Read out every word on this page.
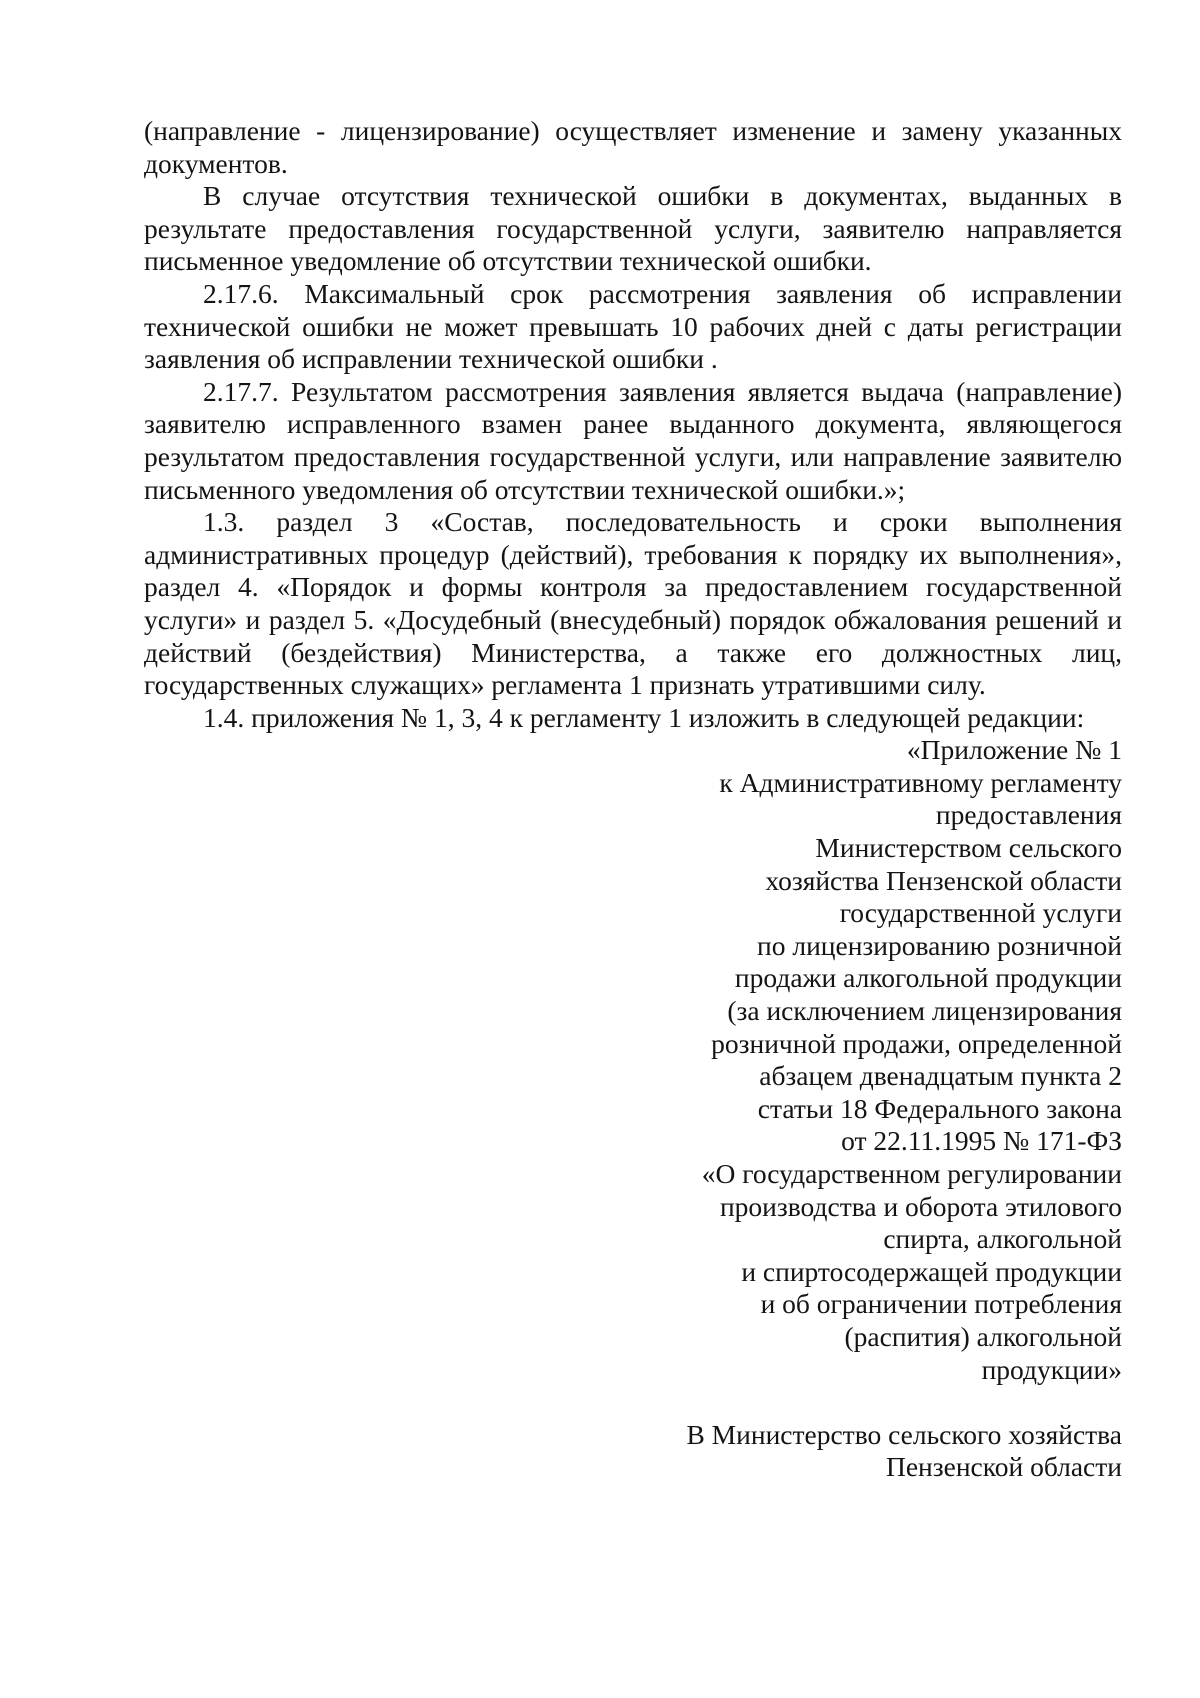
(направление - лицензирование) осуществляет изменение и замену указанных документов.

В случае отсутствия технической ошибки в документах, выданных в результате предоставления государственной услуги, заявителю направляется письменное уведомление об отсутствии технической ошибки.

2.17.6. Максимальный срок рассмотрения заявления об исправлении технической ошибки не может превышать 10 рабочих дней с даты регистрации заявления об исправлении технической ошибки .

2.17.7. Результатом рассмотрения заявления является выдача (направление) заявителю исправленного взамен ранее выданного документа, являющегося результатом предоставления государственной услуги, или направление заявителю письменного уведомления об отсутствии технической ошибки.»;

1.3. раздел 3 «Состав, последовательность и сроки выполнения административных процедур (действий), требования к порядку их выполнения», раздел 4. «Порядок и формы контроля за предоставлением государственной услуги» и раздел 5. «Досудебный (внесудебный) порядок обжалования решений и действий (бездействия) Министерства, а также его должностных лиц, государственных служащих» регламента 1 признать утратившими силу.

1.4. приложения № 1, 3, 4 к регламенту 1 изложить в следующей редакции:

«Приложение № 1
к Административному регламенту
предоставления
Министерством сельского
хозяйства Пензенской области
государственной услуги
по лицензированию розничной
продажи алкогольной продукции
(за исключением лицензирования
розничной продажи, определенной
абзацем двенадцатым пункта 2
статьи 18 Федерального закона
от 22.11.1995 № 171-ФЗ
«О государственном регулировании
производства и оборота этилового
спирта, алкогольной
и спиртосодержащей продукции
и об ограничении потребления
(распития) алкогольной
продукции»
В Министерство сельского хозяйства
Пензенской области
